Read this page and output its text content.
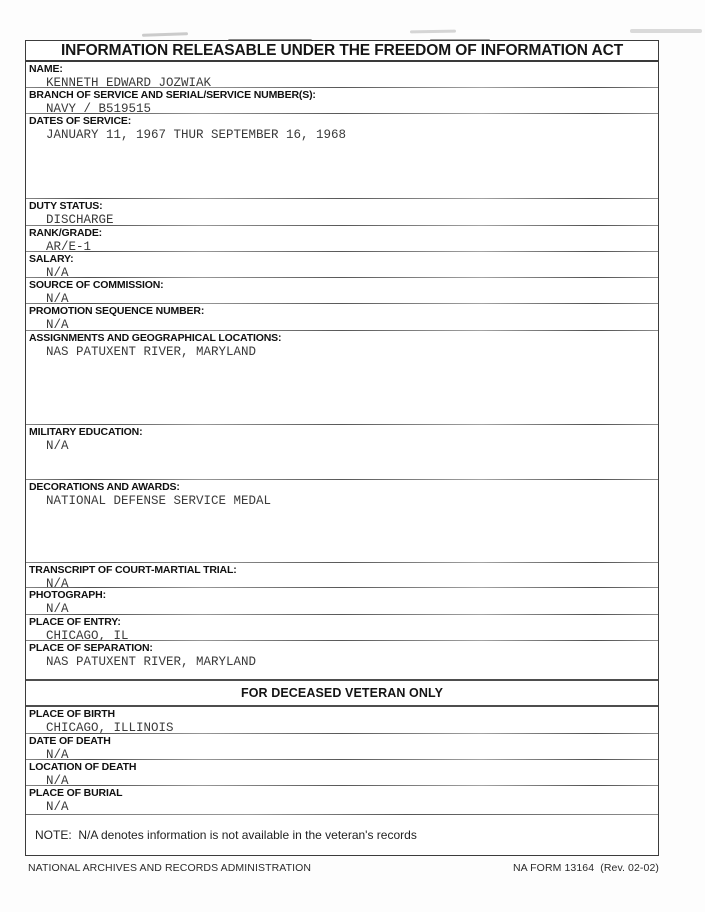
INFORMATION RELEASABLE UNDER THE FREEDOM OF INFORMATION ACT
NAME:
KENNETH EDWARD JOZWIAK
BRANCH OF SERVICE AND SERIAL/SERVICE NUMBER(S):
NAVY / B519515
DATES OF SERVICE:
JANUARY 11, 1967 THUR SEPTEMBER 16, 1968
DUTY STATUS:
DISCHARGE
RANK/GRADE:
AR/E-1
SALARY:
N/A
SOURCE OF COMMISSION:
N/A
PROMOTION SEQUENCE NUMBER:
N/A
ASSIGNMENTS AND GEOGRAPHICAL LOCATIONS:
NAS PATUXENT RIVER, MARYLAND
MILITARY EDUCATION:
N/A
DECORATIONS AND AWARDS:
NATIONAL DEFENSE SERVICE MEDAL
TRANSCRIPT OF COURT-MARTIAL TRIAL:
N/A
PHOTOGRAPH:
N/A
PLACE OF ENTRY:
CHICAGO, IL
PLACE OF SEPARATION:
NAS PATUXENT RIVER, MARYLAND
FOR DECEASED VETERAN ONLY
PLACE OF BIRTH
CHICAGO, ILLINOIS
DATE OF DEATH
N/A
LOCATION OF DEATH
N/A
PLACE OF BURIAL
N/A
NOTE:  N/A denotes information is not available in the veteran's records
NATIONAL ARCHIVES AND RECORDS ADMINISTRATION	NA FORM 13164  (Rev. 02-02)
